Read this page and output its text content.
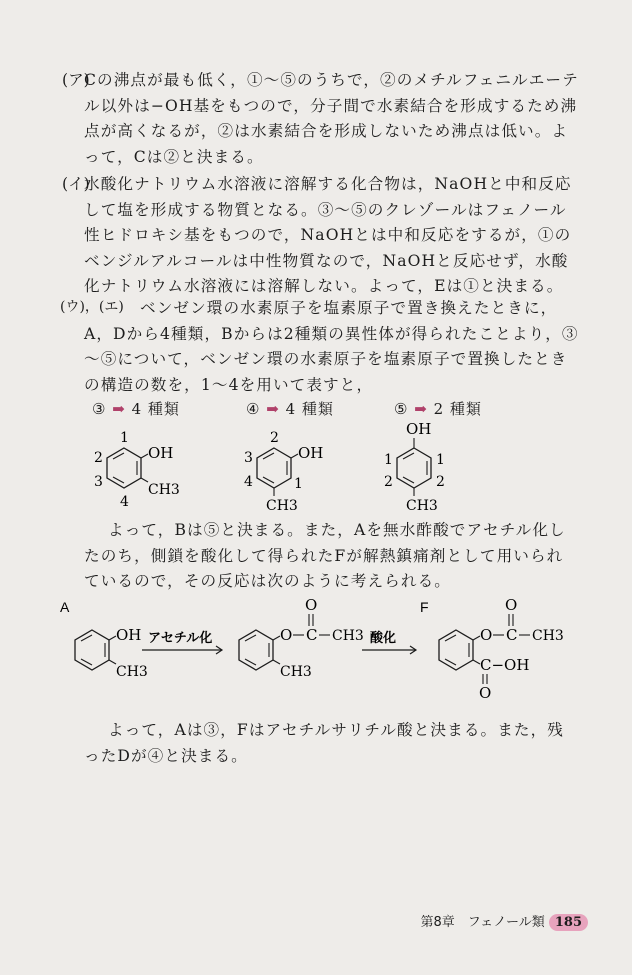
(ア)
Cの沸点が最も低く，①～⑤のうちで，②のメチルフェニルエーテル以外は−OH基をもつので，分子間で水素結合を形成するため沸点が高くなるが，②は水素結合を形成しないため沸点は低い。よって，Cは②と決まる。
(イ)
水酸化ナトリウム水溶液に溶解する化合物は，NaOHと中和反応して塩を形成する物質となる。③～⑤のクレゾールはフェノール性ヒドロキシ基をもつので，NaOHとは中和反応をするが，①のベンジルアルコールは中性物質なので，NaOHと反応せず，水酸化ナトリウム水溶液には溶解しない。よって，Eは①と決まる。
(ウ)，(エ)	ベンゼン環の水素原子を塩素原子で置き換えたときに，A，Dから4種類，Bからは2種類の異性体が得られたことより，③～⑤について，ベンゼン環の水素原子を塩素原子で置換したときの構造の数を，1～4を用いて表すと，
③ ➡ 4 種類	④ ➡ 4 種類	⑤ ➡ 2 種類
OH
CH3
1
2
3
4
OH
CH3
2
3
4	1
OH
CH3
1	1
2	2
よって，Bは⑤と決まる。また，Aを無水酢酸でアセチル化したのち，側鎖を酸化して得られたFが解熱鎮痛剤として用いられているので，その反応は次のように考えられる。
A	F
OH
CH3
アセチル化	O C
O
CH3
CH3
酸化	O C
O
CH3
C−OH
O
よって，Aは③，Fはアセチルサリチル酸と決まる。また，残ったDが④と決まる。
第8章　フェノール類 185
